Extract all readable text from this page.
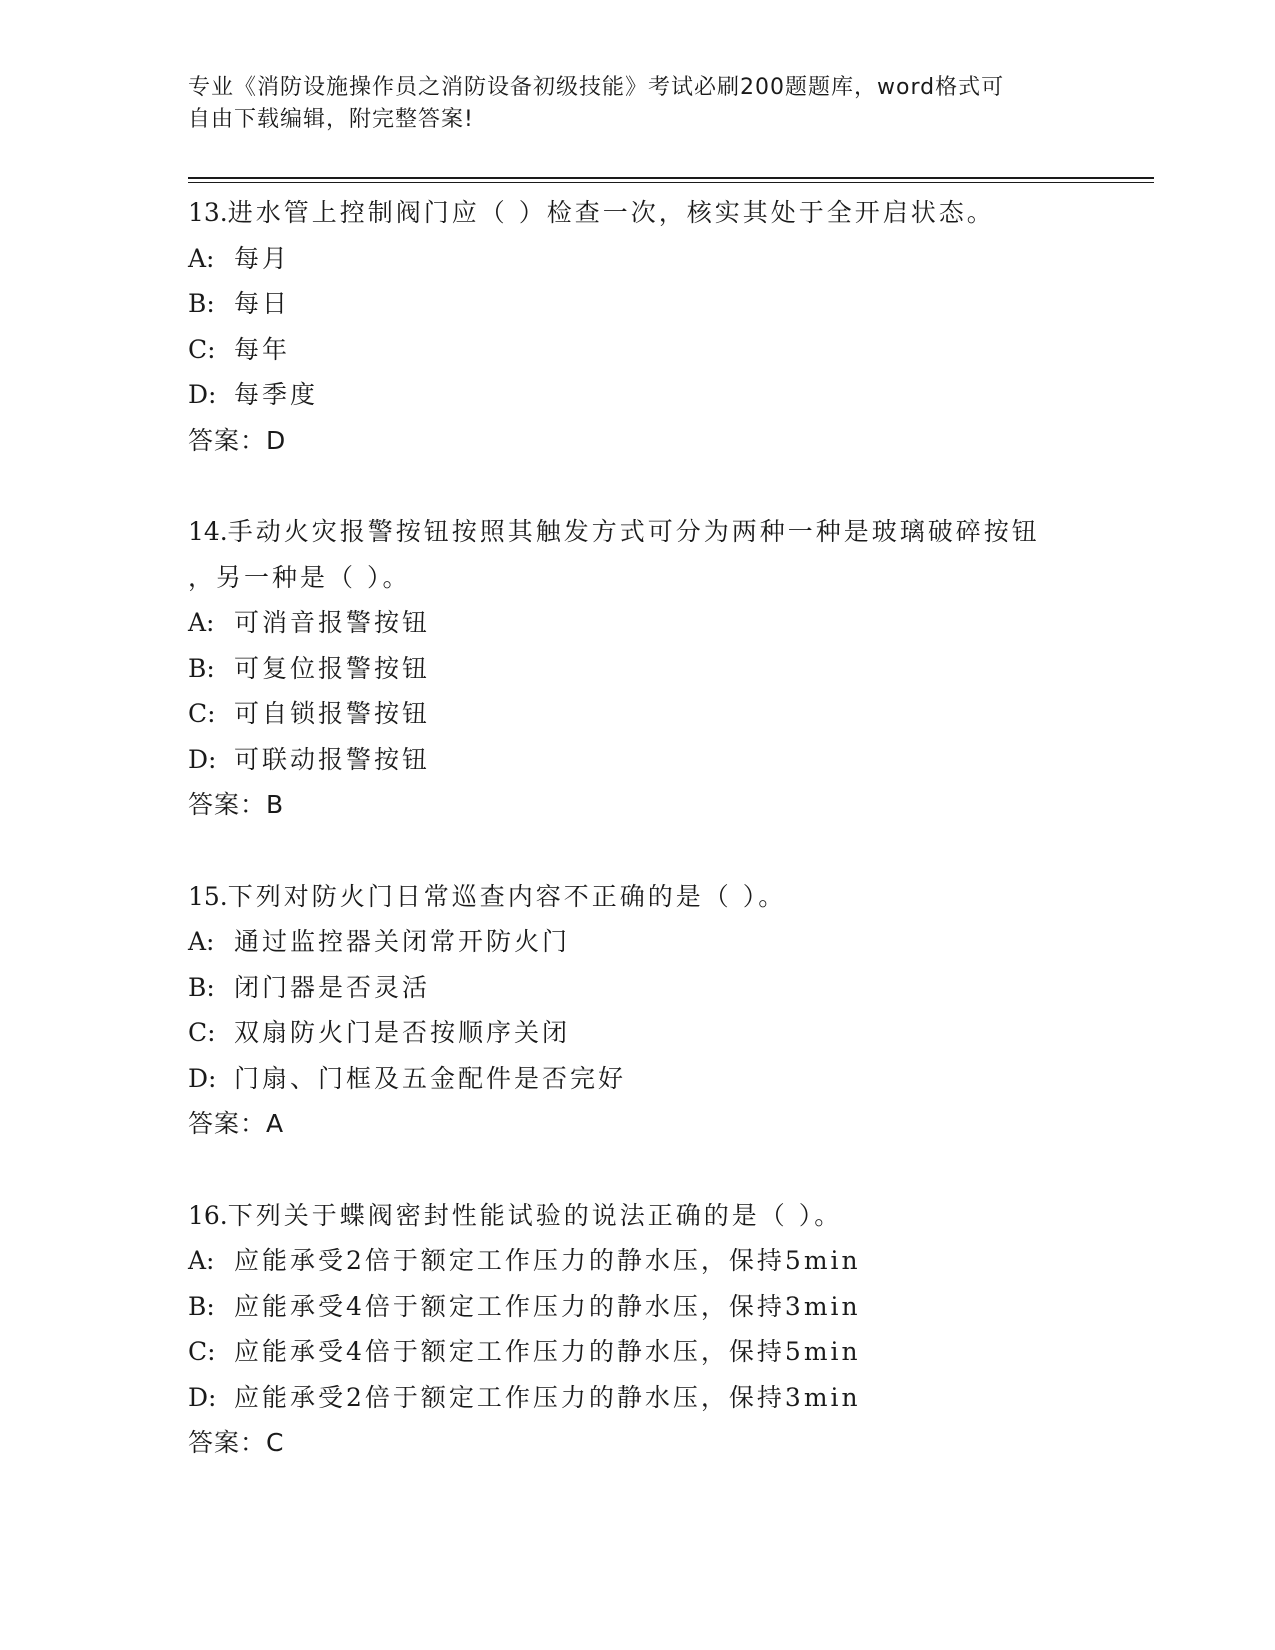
专业《消防设施操作员之消防设备初级技能》考试必刷200题题库，word格式可
自由下载编辑，附完整答案!
13.进水管上控制阀门应（ ）检查一次，核实其处于全开启状态。
A: 每月
B: 每日
C: 每年
D: 每季度
答案：D
14.手动火灾报警按钮按照其触发方式可分为两种一种是玻璃破碎按钮
，另一种是（ ）。
A: 可消音报警按钮
B: 可复位报警按钮
C: 可自锁报警按钮
D: 可联动报警按钮
答案：B
15.下列对防火门日常巡查内容不正确的是（ ）。
A: 通过监控器关闭常开防火门
B: 闭门器是否灵活
C: 双扇防火门是否按顺序关闭
D: 门扇、门框及五金配件是否完好
答案：A
16.下列关于蝶阀密封性能试验的说法正确的是（ ）。
A: 应能承受2倍于额定工作压力的静水压，保持5min
B: 应能承受4倍于额定工作压力的静水压，保持3min
C: 应能承受4倍于额定工作压力的静水压，保持5min
D: 应能承受2倍于额定工作压力的静水压，保持3min
答案：C
